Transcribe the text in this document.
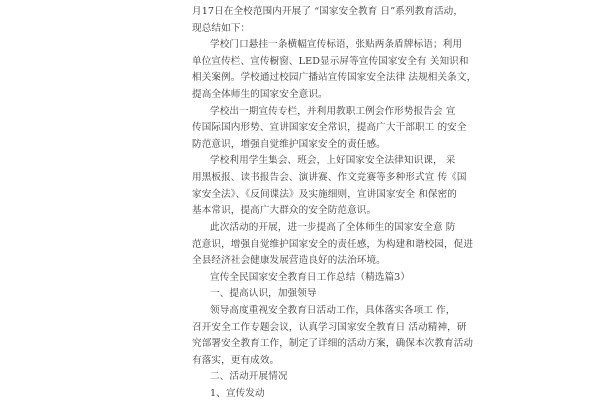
月17日在全校范围内开展了 “国家安全教育 日”系列教育活动，
现总结如下：
学校门口悬挂一条横幅宣传标语，张贴两条盾牌标语；利用
单位宣传栏、宣传橱窗、LED显示屏等宣传国家安全有 关知识和
相关案例。学校通过校园广播站宣传国家安全法律 法规相关条文，
提高全体师生的国家安全意识。
学校出一期宣传专栏，并利用教职工例会作形势报告会 宣
传国际国内形势、宣讲国家安全常识，提高广大干部职工 的安全
防范意识，增强自觉维护国家安全的责任感。
学校利用学生集会、班会，上好国家安全法律知识课， 采
用黑板报、读书报告会、演讲赛、作文竞赛等多种形式宣 传《国
家安全法》、《反间谍法》及实施细则，宣讲国家安全 和保密的
基本常识，提高广大群众的安全防范意识。
此次活动的开展，进一步提高了全体师生的国家安全意 防
范意识，增强自觉维护国家安全的责任感，为构建和谐校园，促进
全县经济社会健康发展营造良好的法治环境。
宣传全民国家安全教育日工作总结（精选篇3）
一、提高认识，加强领导
领导高度重视安全教育日活动工作，具体落实各项工 作，
召开安全工作专题会议，认真学习国家安全教育日 活动精神，研
究部署安全教育工作，制定了详细的活动方案，确保本次教育活动
有落实，更有成效。
二、活动开展情况
1、宣传发动
